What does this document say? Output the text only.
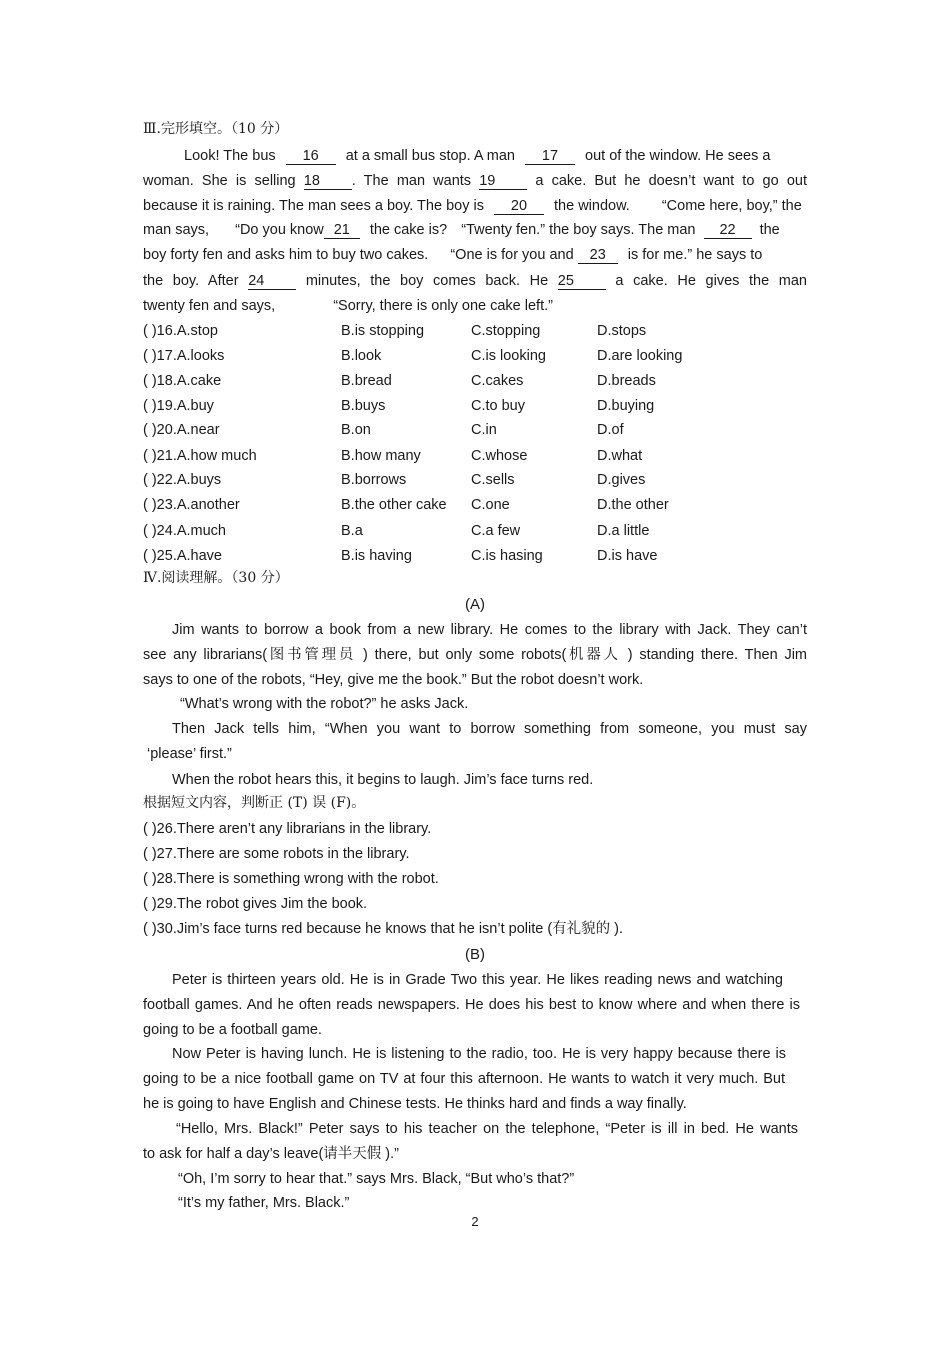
Ⅲ.完形填空。（10 分）
Look! The bus 16 at a small bus stop. A man 17 out of the window. He sees a
woman. She is selling 18 . The man wants 19	a cake. But he doesn’t want to go out
because it is raining. The man sees a boy. The boy is 20 the window. “Come here, boy,” the
man says, “Do you know 21 the cake is? “Twenty fen.” the boy says. The man 22 the
boy forty fen and asks him to buy two cakes. “One is for you and 23 is for me.” he says to
the boy. After 24	minutes, the boy comes back. He 25	a cake. He gives the man
twenty fen and says,	“Sorry, there is only one cake left.”
( )16.A.stop	B.is stopping	C.stopping	D.stops
( )17.A.looks	B.look	C.is looking	D.are looking
( )18.A.cake	B.bread	C.cakes	D.breads
( )19.A.buy	B.buys	C.to buy	D.buying
( )20.A.near	B.on	C.in	D.of
( )21.A.how much	B.how many	C.whose	D.what
( )22.A.buys	B.borrows	C.sells	D.gives
( )23.A.another	B.the other cake C.one	D.the other
( )24.A.much	B.a	C.a few	D.a little
( )25.A.have	B.is having	C.is hasing	D.is have
Ⅳ.阅读理解。（30 分）
(A)
Jim wants to borrow a book from a new library. He comes to the library with Jack. They can’t
see any librarians(图书管理员 ) there, but only some robots(机器人 ) standing there. Then Jim
says to one of the robots, “Hey, give me the book.” But the robot doesn’t work.
“What’s wrong with the robot?” he asks Jack.
Then Jack tells him, “When you want to borrow something from someone, you must say
‘please’ first.”
When the robot hears this, it begins to laugh. Jim’s face turns red.
根据短文内容，判断正 (T) 误 (F)。
( )26.There aren’t any librarians in the library.
( )27.There are some robots in the library.
( )28.There is something wrong with the robot.
( )29.The robot gives Jim the book.
( )30.Jim’s face turns red because he knows that he isn’t polite (有礼貌的 ).
(B)
Peter is thirteen years old. He is in Grade Two this year. He likes reading news and watching
football games. And he often reads newspapers. He does his best to know where and when there is
going to be a football game.
Now Peter is having lunch. He is listening to the radio, too. He is very happy because there is
going to be a nice football game on TV at four this afternoon. He wants to watch it very much. But
he is going to have English and Chinese tests. He thinks hard and finds a way finally.
“Hello, Mrs. Black!” Peter says to his teacher on the telephone, “Peter is ill in bed. He wants
to ask for half a day’s leave(请半天假 ).”
“Oh, I’m sorry to hear that.” says Mrs. Black, “But who’s that?”
“It’s my father, Mrs. Black.”
2
